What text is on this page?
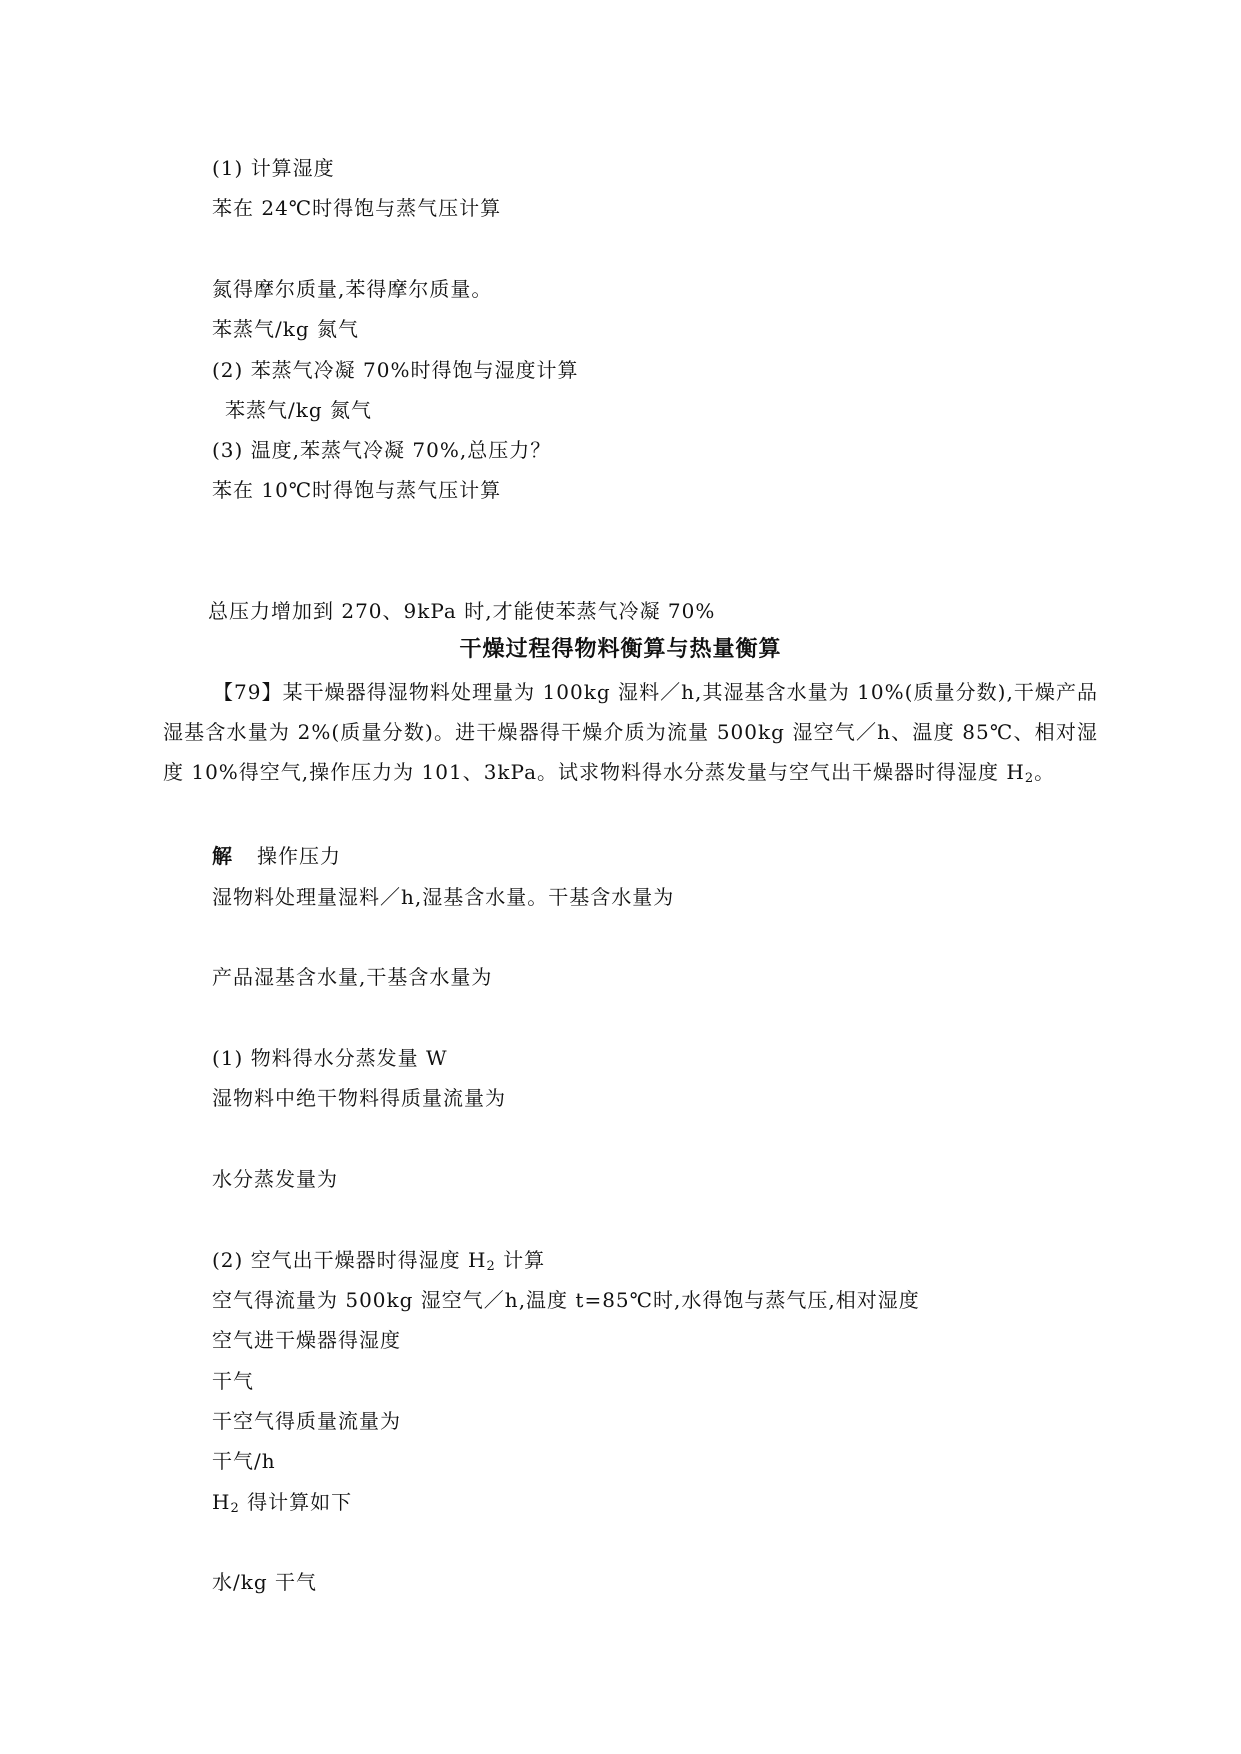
(1) 计算湿度
苯在 24℃时得饱与蒸气压计算
氮得摩尔质量,苯得摩尔质量。
苯蒸气/kg 氮气
(2) 苯蒸气冷凝 70%时得饱与湿度计算
苯蒸气/kg 氮气
(3) 温度,苯蒸气冷凝 70%,总压力？
苯在 10℃时得饱与蒸气压计算
总压力增加到 270、9kPa 时,才能使苯蒸气冷凝 70%
干燥过程得物料衡算与热量衡算
【79】某干燥器得湿物料处理量为 100kg 湿料／h,其湿基含水量为 10%(质量分数),干燥产品湿基含水量为 2%(质量分数)。进干燥器得干燥介质为流量 500kg 湿空气／h、温度 85℃、相对湿度 10%得空气,操作压力为 101、3kPa。试求物料得水分蒸发量与空气出干燥器时得湿度 $H_2$。
解 操作压力
湿物料处理量湿料／h,湿基含水量。干基含水量为
产品湿基含水量,干基含水量为
(1) 物料得水分蒸发量 W
湿物料中绝干物料得质量流量为
水分蒸发量为
(2) 空气出干燥器时得湿度 $H_2$ 计算
空气得流量为 500kg 湿空气／h,温度 t=85℃时,水得饱与蒸气压,相对湿度
空气进干燥器得湿度
干气
干空气得质量流量为
干气/h
$H_2$ 得计算如下
水/kg 干气
